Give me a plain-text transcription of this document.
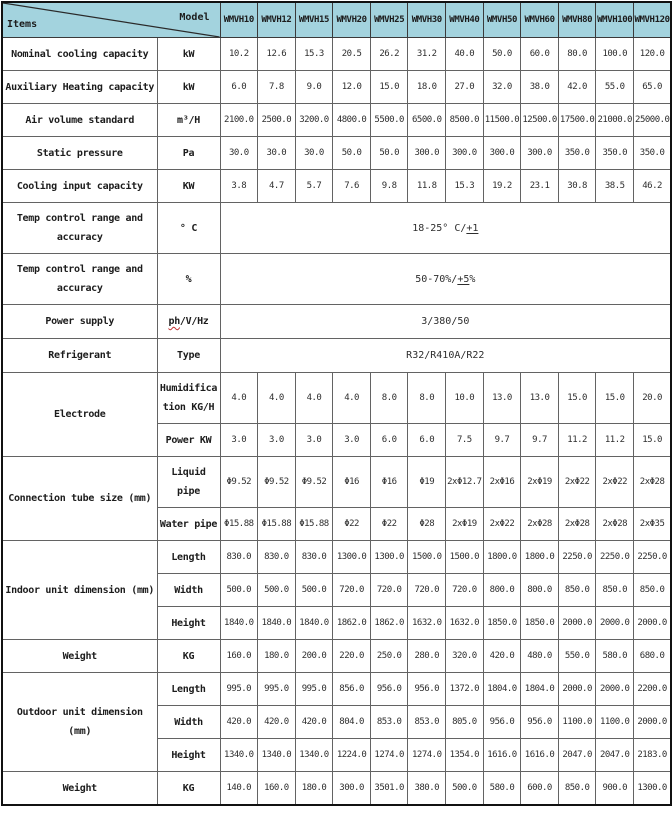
Items
Model		WMVH10	WMVH12	WMVH15	WMVH20	WMVH25	WMVH30	WMVH40	WMVH50	WMVH60	WMVH80	WMVH100	WMVH120
Nominal cooling capacity	kW	10.2	12.6	15.3	20.5	26.2	31.2	40.0	50.0	60.0	80.0	100.0	120.0
Auxiliary Heating capacity	kW	6.0	7.8	9.0	12.0	15.0	18.0	27.0	32.0	38.0	42.0	55.0	65.0
Air volume standard	m³/H	2100.0	2500.0	3200.0	4800.0	5500.0	6500.0	8500.0	11500.0	12500.0	17500.0	21000.0	25000.0
Static pressure	Pa	30.0	30.0	30.0	50.0	50.0	300.0	300.0	300.0	300.0	350.0	350.0	350.0
Cooling input capacity	KW	3.8	4.7	5.7	7.6	9.8	11.8	15.3	19.2	23.1	30.8	38.5	46.2
Temp control range and accuracy	° C	18-25° C/+1											
Temp control range and accuracy	%	50-70%/+5%											
Power supply	ph/V/Hz	3/380/50											
Refrigerant	Type	R32/R410A/R22											
Electrode	Humidification KG/H	4.0	4.0	4.0	4.0	8.0	8.0	10.0	13.0	13.0	15.0	15.0	20.0
	Power KW	3.0	3.0	3.0	3.0	6.0	6.0	7.5	9.7	9.7	11.2	11.2	15.0
Connection tube size (mm)	Liquid pipe	Φ9.52	Φ9.52	Φ9.52	Φ16	Φ16	Φ19	2xΦ12.7	2xΦ16	2xΦ19	2xΦ22	2xΦ22	2xΦ28
	Water pipe	Φ15.88	Φ15.88	Φ15.88	Φ22	Φ22	Φ28	2xΦ19	2xΦ22	2xΦ28	2xΦ28	2xΦ28	2xΦ35
Indoor unit dimension (mm)	Length	830.0	830.0	830.0	1300.0	1300.0	1500.0	1500.0	1800.0	1800.0	2250.0	2250.0	2250.0
	Width	500.0	500.0	500.0	720.0	720.0	720.0	720.0	800.0	800.0	850.0	850.0	850.0
	Height	1840.0	1840.0	1840.0	1862.0	1862.0	1632.0	1632.0	1850.0	1850.0	2000.0	2000.0	2000.0
Weight	KG	160.0	180.0	200.0	220.0	250.0	280.0	320.0	420.0	480.0	550.0	580.0	680.0
Outdoor unit dimension (mm)	Length	995.0	995.0	995.0	856.0	956.0	956.0	1372.0	1804.0	1804.0	2000.0	2000.0	2200.0
	Width	420.0	420.0	420.0	804.0	853.0	853.0	805.0	956.0	956.0	1100.0	1100.0	2000.0
	Height	1340.0	1340.0	1340.0	1224.0	1274.0	1274.0	1354.0	1616.0	1616.0	2047.0	2047.0	2183.0
Weight	KG	140.0	160.0	180.0	300.0	3501.0	380.0	500.0	580.0	600.0	850.0	900.0	1300.0
